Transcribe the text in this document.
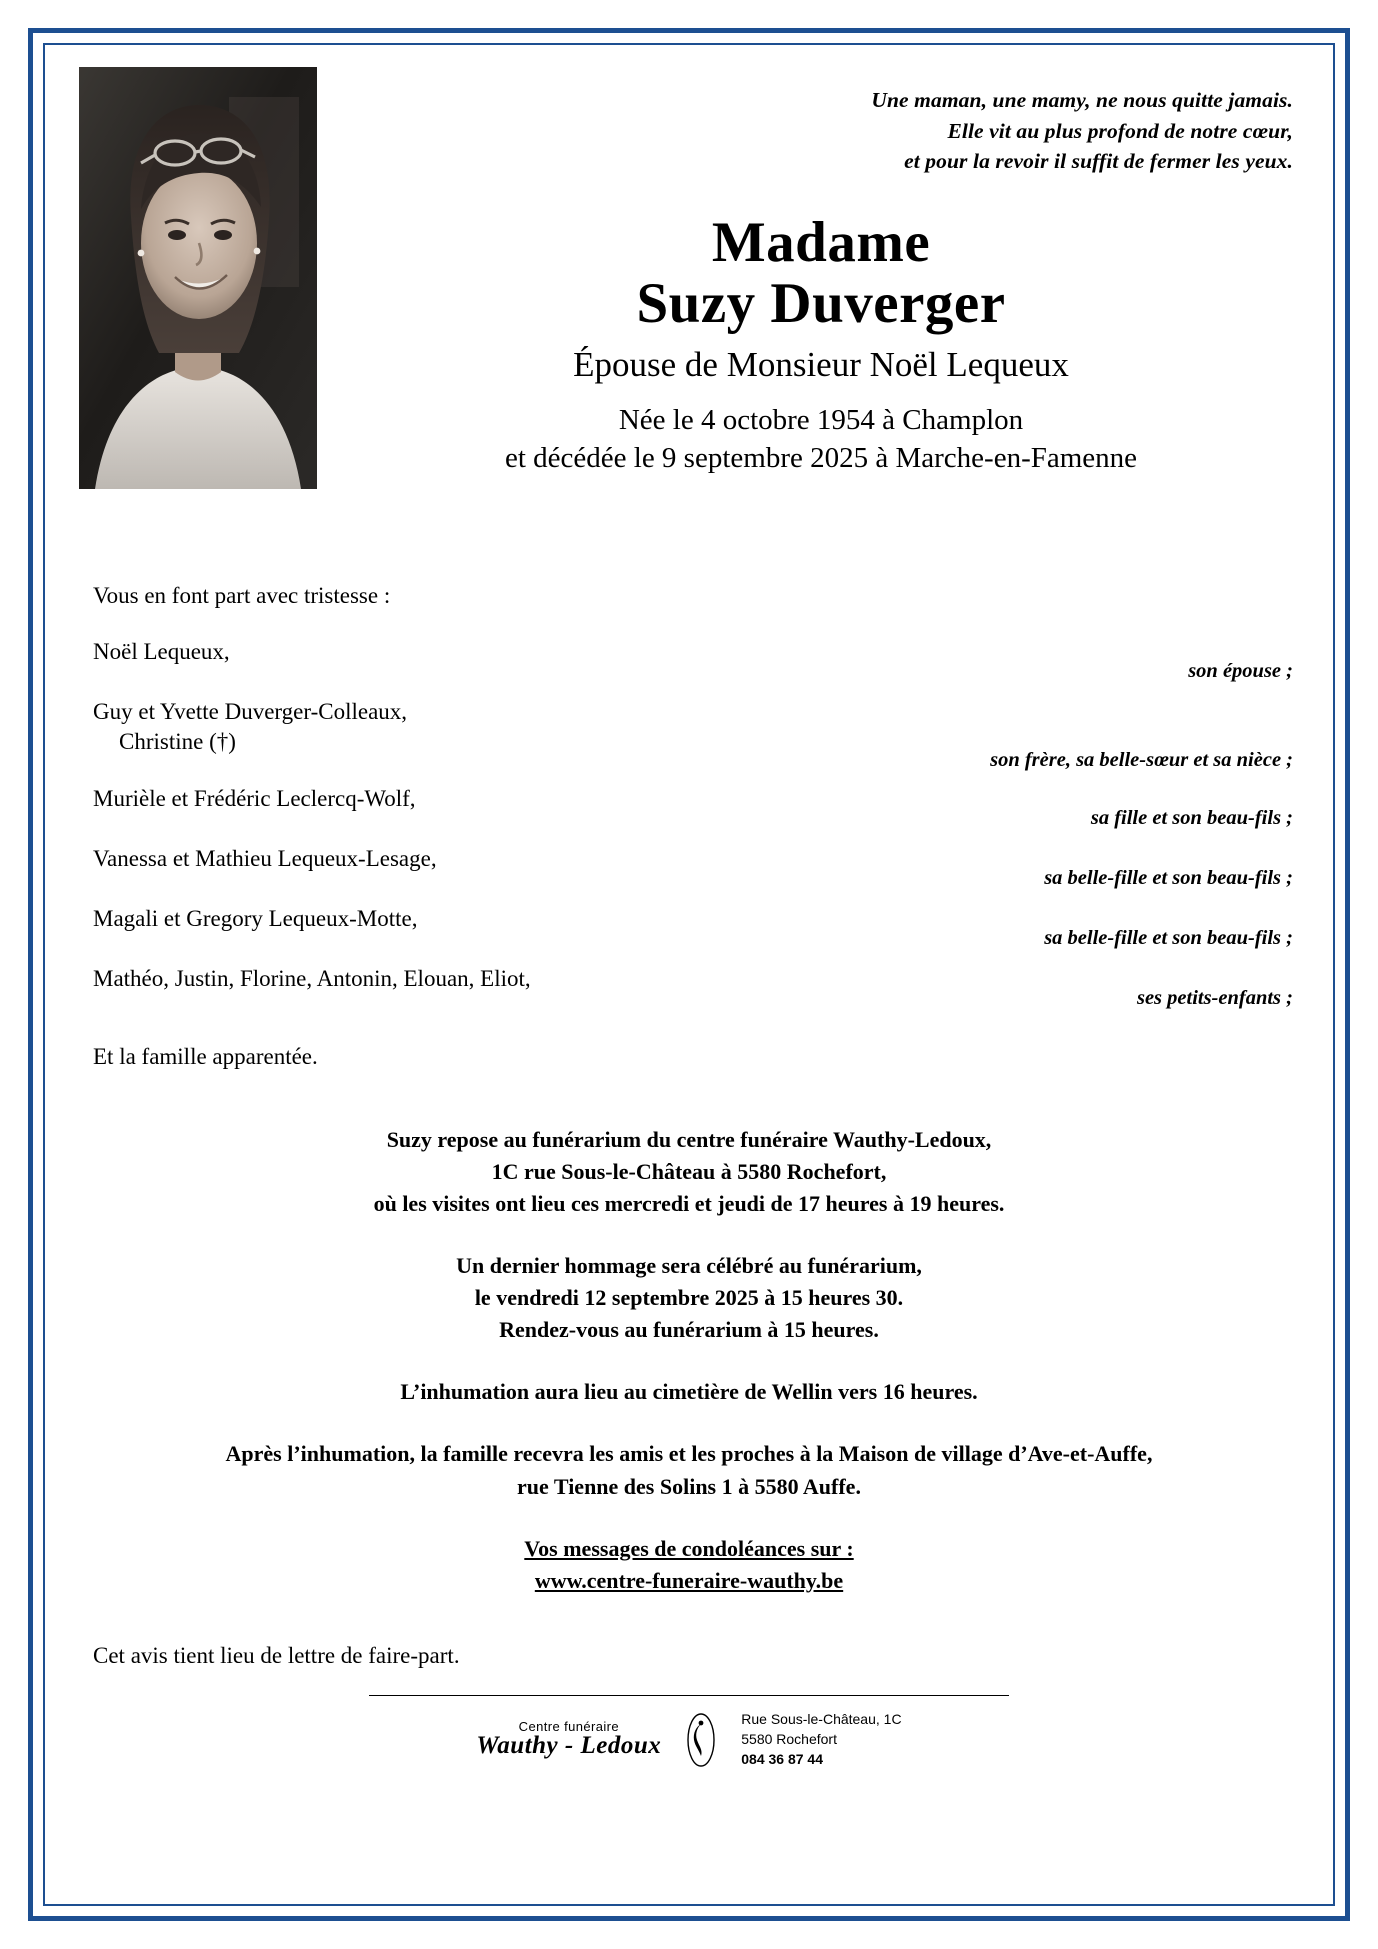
Une maman, une mamy, ne nous quitte jamais.
Elle vit au plus profond de notre cœur,
et pour la revoir il suffit de fermer les yeux.
Madame
Suzy Duverger
Épouse de Monsieur Noël Lequeux
Née le 4 octobre 1954 à Champlon
et décédée le 9 septembre 2025 à Marche-en-Famenne
Vous en font part avec tristesse :
Noël Lequeux,
son épouse ;
Guy et Yvette Duverger-Colleaux,
Christine (†)
son frère, sa belle-sœur et sa nièce ;
Murièle et Frédéric Leclercq-Wolf,
sa fille et son beau-fils ;
Vanessa et Mathieu Lequeux-Lesage,
sa belle-fille et son beau-fils ;
Magali et Gregory Lequeux-Motte,
sa belle-fille et son beau-fils ;
Mathéo, Justin, Florine, Antonin, Elouan, Eliot,
ses petits-enfants ;
Et la famille apparentée.

Suzy repose au funérarium du centre funéraire Wauthy-Ledoux,
1C rue Sous-le-Château à 5580 Rochefort,
où les visites ont lieu ces mercredi et jeudi de 17 heures à 19 heures.

Un dernier hommage sera célébré au funérarium,
le vendredi 12 septembre 2025 à 15 heures 30.
Rendez-vous au funérarium à 15 heures.

L’inhumation aura lieu au cimetière de Wellin vers 16 heures.

Après l’inhumation, la famille recevra les amis et les proches à la Maison de village d’Ave-et-Auffe,
rue Tienne des Solins 1 à 5580 Auffe.

Vos messages de condoléances sur :
www.centre-funeraire-wauthy.be

Cet avis tient lieu de lettre de faire-part.
Centre funéraire
Wauthy - Ledoux
Rue Sous-le-Château, 1C
5580 Rochefort
084 36 87 44
